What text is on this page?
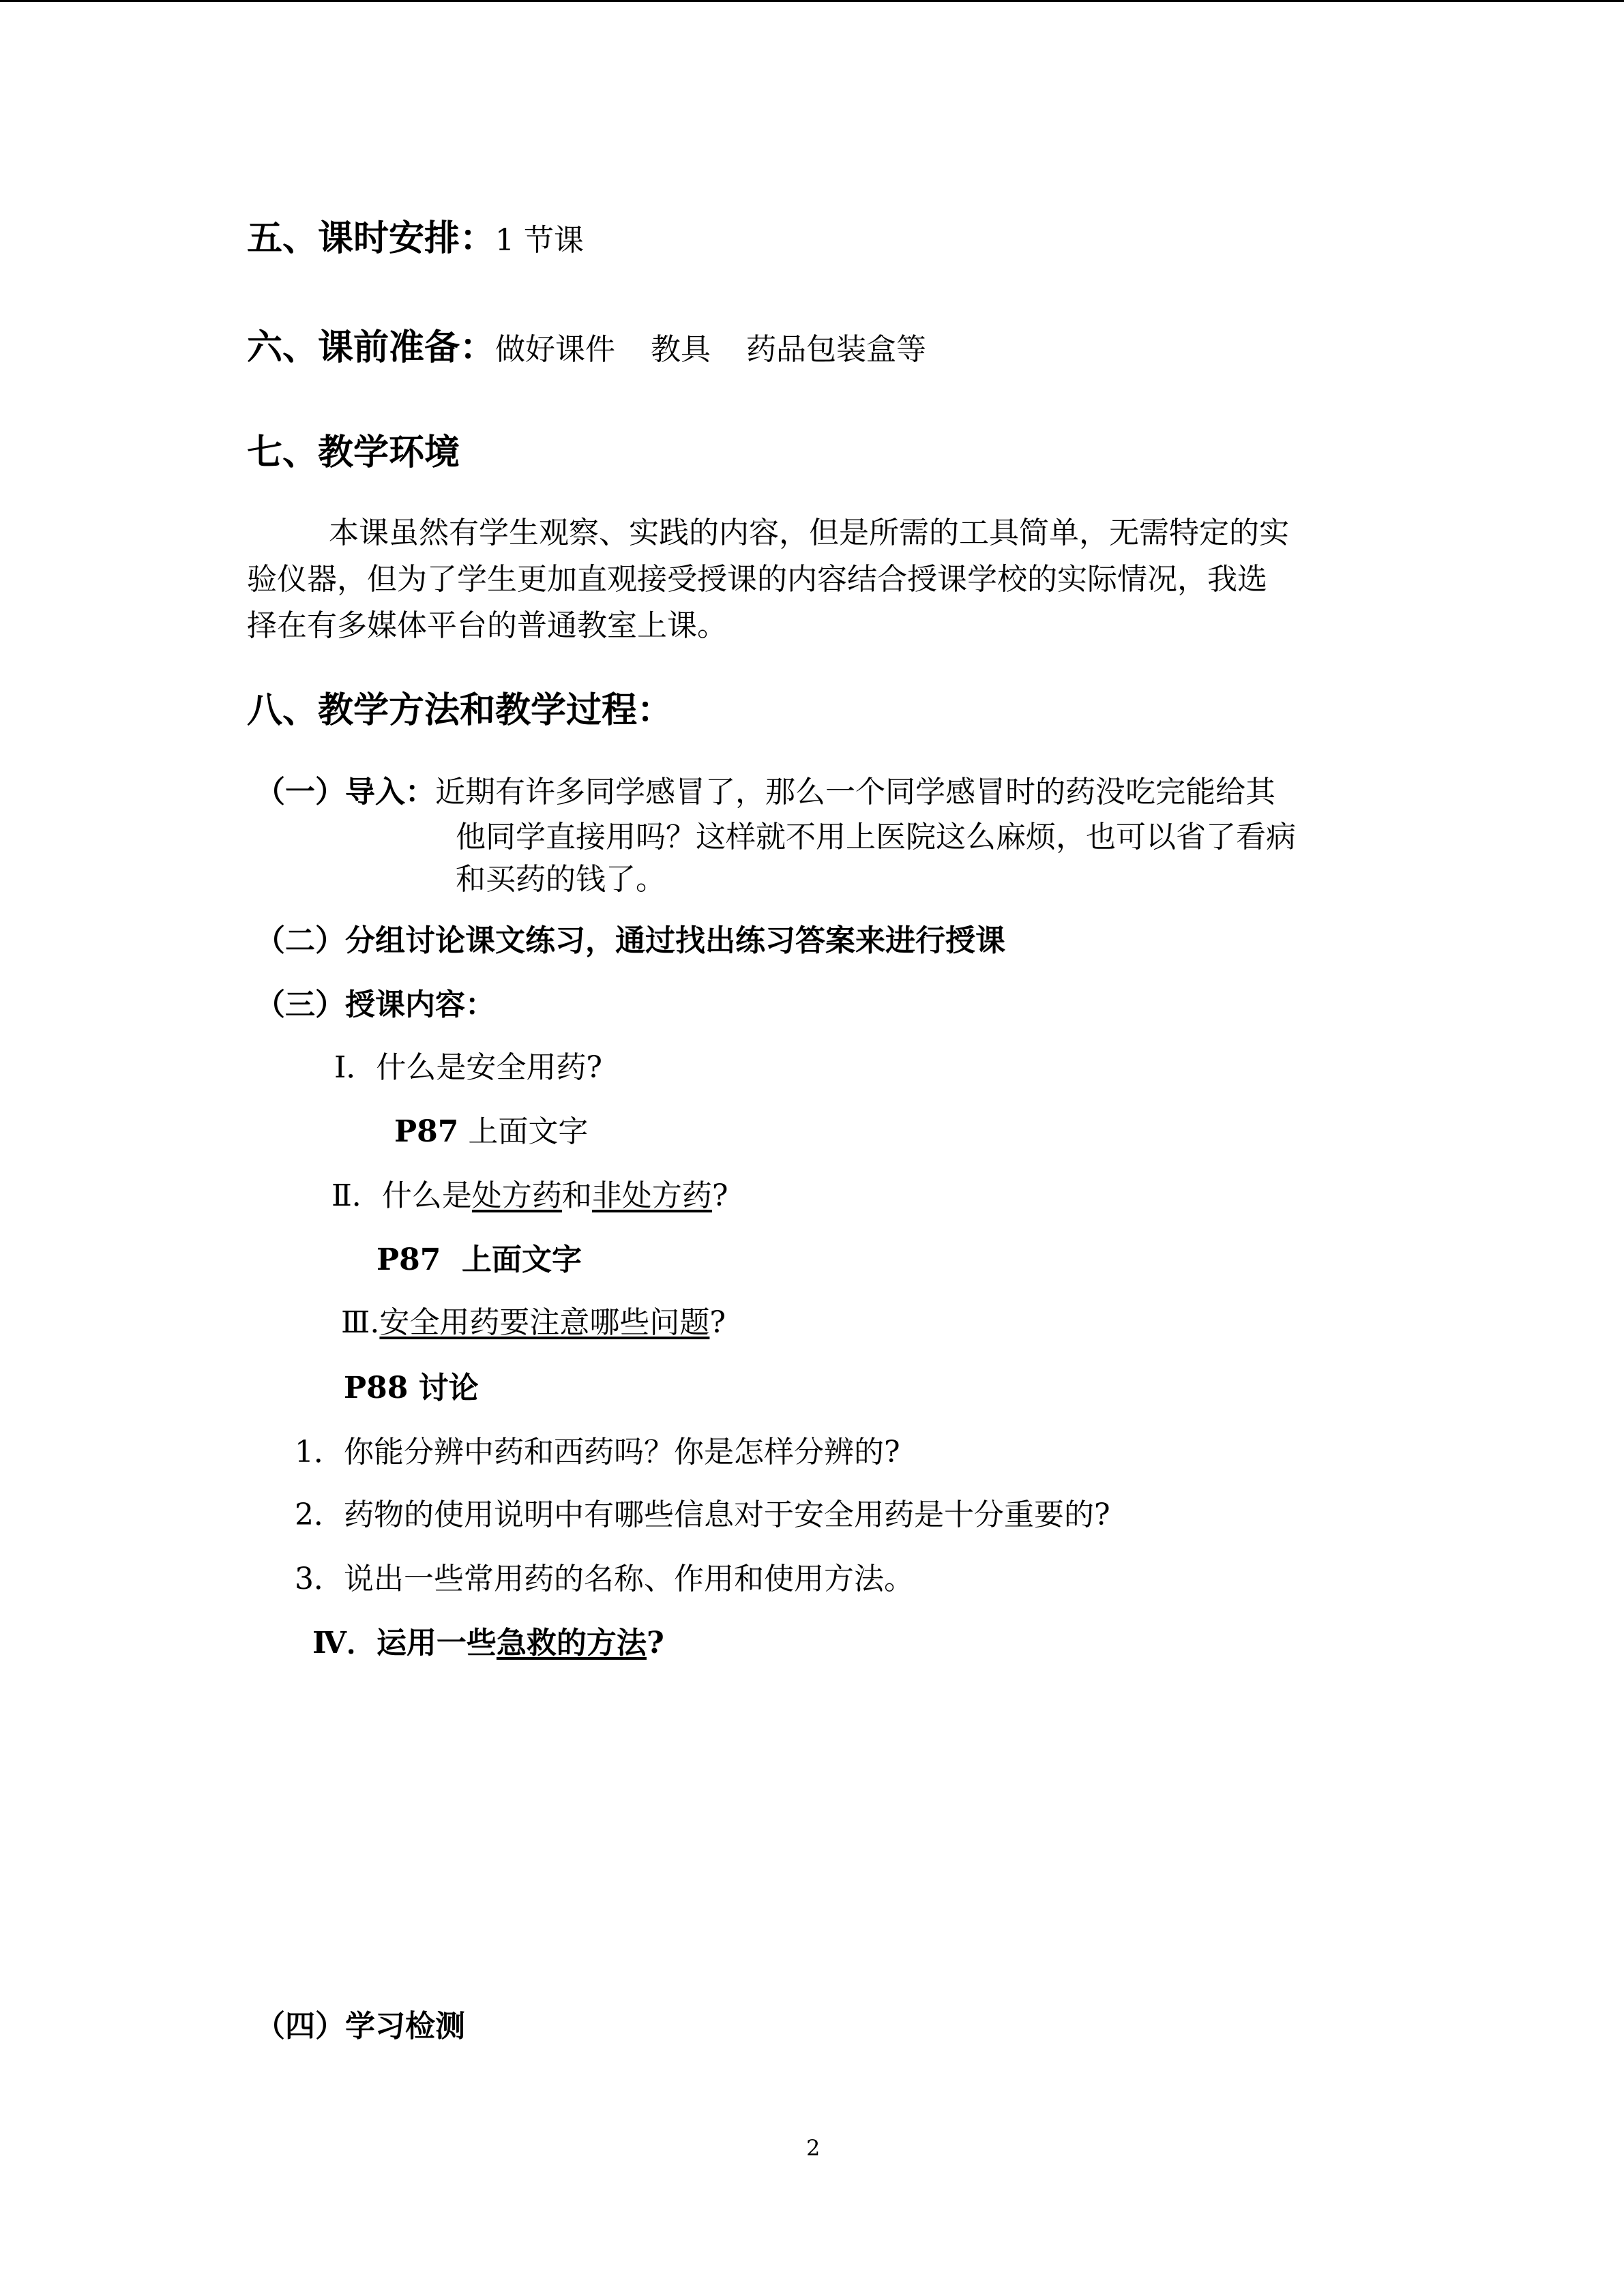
五、课时安排：1 节课
六、课前准备：做好课件 教具 药品包装盒等
七、教学环境

本课虽然有学生观察、实践的内容，但是所需的工具简单，无需特定的实

验仪器，但为了学生更加直观接受授课的内容结合授课学校的实际情况，我选

择在有多媒体平台的普通教室上课。

八、教学方法和教学过程：
（一）导入：近期有许多同学感冒了，那么一个同学感冒时的药没吃完能给其
他同学直接用吗？这样就不用上医院这么麻烦，也可以省了看病
和买药的钱了。
（二）分组讨论课文练习，通过找出练习答案来进行授课
（三）授课内容：
Ⅰ．什么是安全用药?
P87 上面文字
Ⅱ．什么是处方药和非处方药?
P87  上面文字
Ⅲ.安全用药要注意哪些问题?
P88 讨论
1．你能分辨中药和西药吗？你是怎样分辨的?
2．药物的使用说明中有哪些信息对于安全用药是十分重要的?
3．说出一些常用药的名称、作用和使用方法。
Ⅳ．运用一些急救的方法?
（四）学习检测
2
